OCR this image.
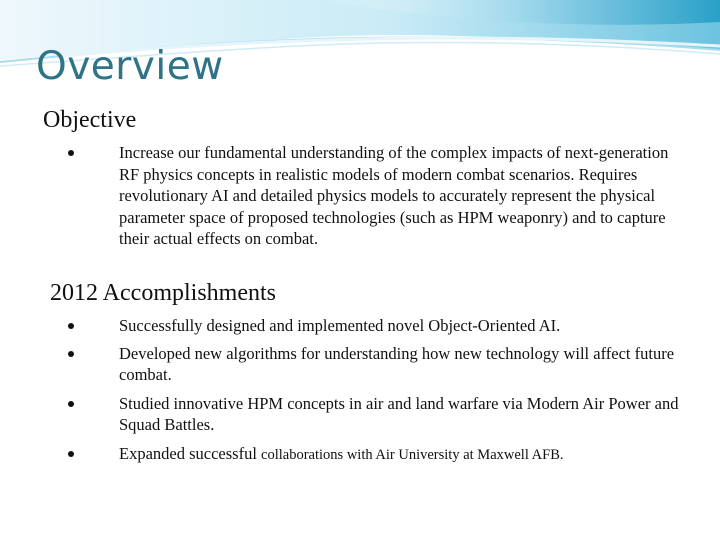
Overview
Objective
Increase our fundamental understanding of the complex impacts of next-generation RF physics concepts in realistic models of modern combat scenarios. Requires revolutionary AI and detailed physics models to accurately represent the physical parameter space of proposed technologies (such as HPM weaponry) and to capture their actual effects on combat.
2012 Accomplishments
Successfully designed and implemented novel Object-Oriented AI.
Developed new algorithms for understanding how new technology will affect future combat.
Studied innovative HPM concepts in air and land warfare via Modern Air Power and Squad Battles.
Expanded successful collaborations with Air University at Maxwell AFB.
